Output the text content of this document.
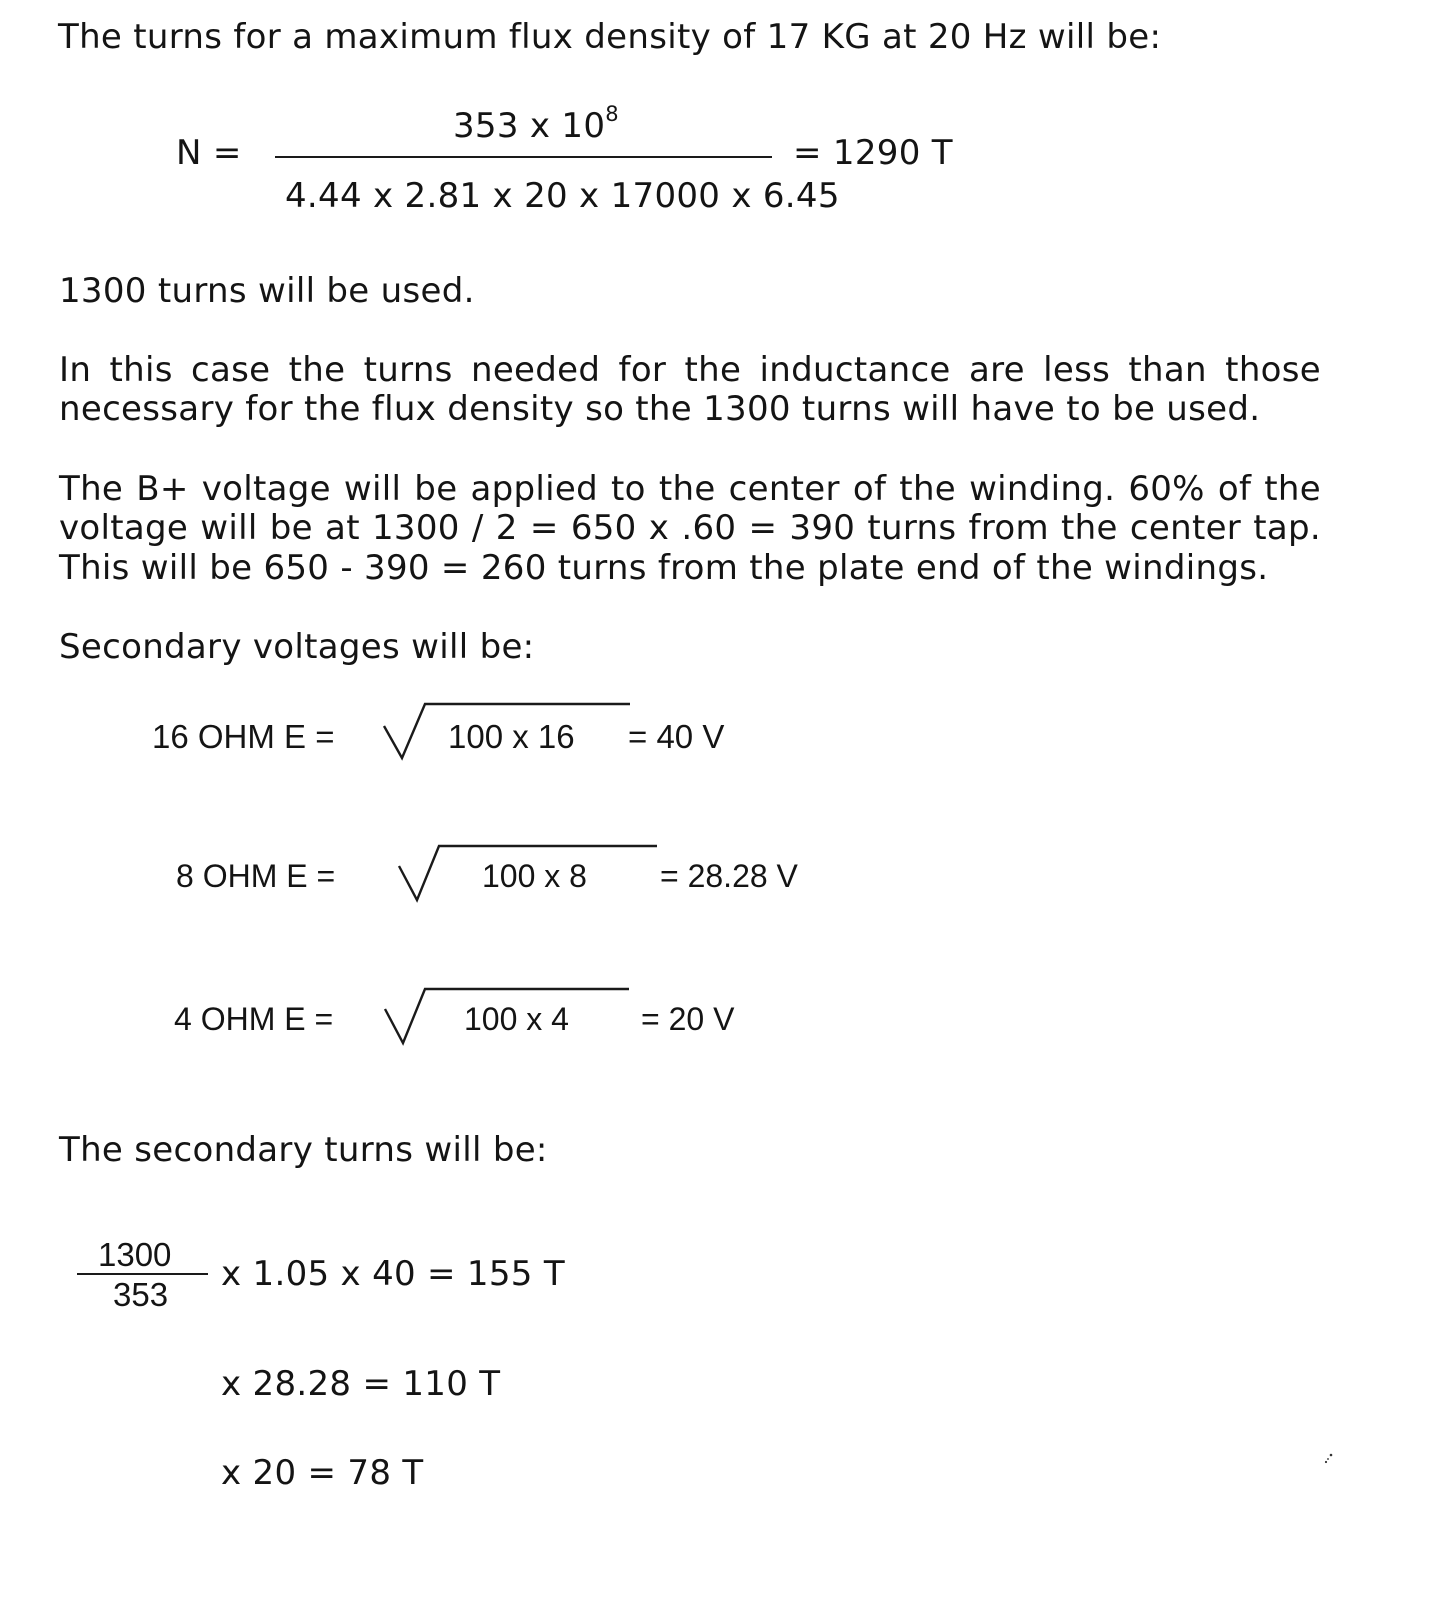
The turns for a maximum flux density of 17 KG at 20 Hz will be:
N =
353 x $10^8$
4.44 x 2.81 x 20 x 17000 x 6.45
= 1290 T
1300 turns will be used.
In this case the turns needed for the inductance are less than those
necessary for the flux density so the 1300 turns will have to be used.
The B+ voltage will be applied to the center of the winding. 60% of the
voltage will be at 1300 / 2 = 650 x .60 = 390 turns from the center tap.
This will be 650 - 390 = 260 turns from the plate end of the windings.
Secondary voltages will be:
16 OHM E =	100 x 16 = 40 V
8 OHM E =	100 x 8 = 28.28 V
4 OHM E =	100 x 4 = 20 V
The secondary turns will be:
1300
353
x 1.05 x 40 = 155 T
x 28.28 = 110 T
x 20 = 78 T
